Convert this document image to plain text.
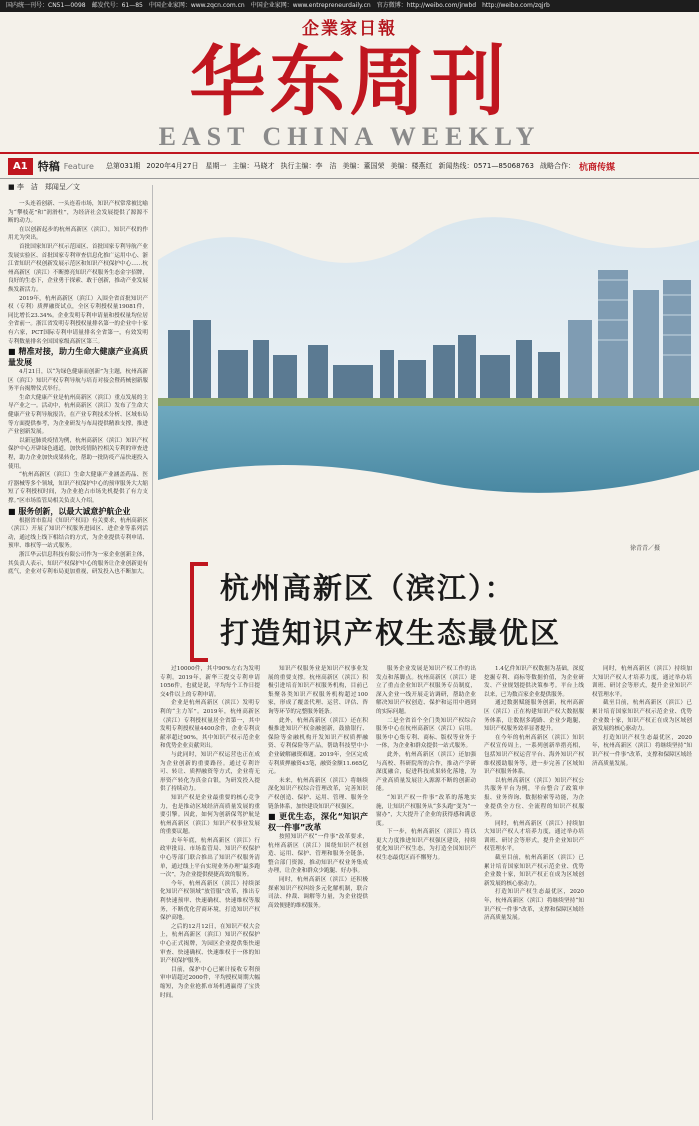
国内统一刊号：CN51—0098　邮发代号：61—85　中国企业家网：www.zqcn.com.cn　中国企业家网：www.entrepreneurdaily.cn　官方微博：http://weibo.com/jrwbd　http://weibo.com/zqjrb
企業家日報
华东周刊
EAST CHINA WEEKLY
A1 特稿 Feature 总第031期 2020年4月27日　星期一 主编：马晓才 执行主编：李　洁 美编：董国荣 美编：楼燕红 新闻热线：0571—85068763 战略合作： 杭商传媒
■ 李　洁　郑闻呈／文
徐青青／摄

一头连着创新、一头连着市场，知识产权常常被比喻为“攀枝花”和“润滑柱”，为经济社会发展提供了源源不断的动力。

在以创新起步的杭州高新区（滨江），知识产权的作用尤为突出。

首批国家知识产权示范园区、首批国家专利导航产业发展实验区、首批国家专利审查信息化推广运用中心、浙江省知识产权创新发展示范区和知识产权保护中心……杭州高新区（滨江）不断擦亮知识产权服务生态金字招牌，良好的生态下，企业勇于探索、敢于创新，推动产业发展焕发新活力。

2019年，杭州高新区（滨江）入围全省首批知识产权（专利）质押融资试点，全区专利授权量19081件，同比增长23.34%。企业发明专利申请量和授权量均位居全省前一。浙江省发明专利授权量排名第一的企业中十家有六家，PCT国际专利申请量排名全省第一，有效发明专利数量排名全国国家级高新区第三。

■ 精准对接，助力生命大健康产业高质量发展

4月21日，以“为绿色健康而创新”为主题，杭州高新区（滨江）知识产权专利导航与培育对接会暨药械创新服务平台揭牌仪式举行。

生命大健康产业是杭州高新区（滨江）重点发展的主导产业之一。活动中，杭州高新区（滨江）发布了生命大健康产业专利导航报告，在产业专利技术分析、区域布局等方面提供参考，为企业研发与布局提供精准支撑，推进产业创新发展。

以新冠肺炎疫情为例，杭州高新区（滨江）知识产权保护中心开辟绿色通道，加快疫情防控相关专利的审查进程，助力企业加快成果转化，帮助一批防疫产品快速投入使用。

“杭州高新区（滨江）生命大健康产业涵盖药品、医疗器械等多个领域，知识产权保护中心的预审服务大大缩短了专利授权时间，为企业抢占市场先机提供了有力支撑。”区市场监管局相关负责人介绍。

■ 服务创新，以最大诚意护航企业

根据省市监局《知识产权局》有关要求，杭州高新区（滨江）开展了知识产权服务进园区、进企业等系列活动，通过线上线下相结合的方式，为企业提供专利申请、预审、维权等一站式服务。

浙江华云信息科技有限公司作为一家企业创新主体，其负责人表示，知识产权保护中心的服务让企业创新更有底气，企业对专利布局更加重视，研发投入也不断加大。 杭州高新区（滨江）：
打造知识产权生态最优区

过10000件，其中90%左右为发明专利。2019年，新华三提交专利申请1056件，也就是说，平均每个工作日提交4件以上的专利申请。

企业是杭州高新区（滨江）发明专利的“主力军”。2019年，杭州高新区（滨江）专利授权量居全省第一，其中发明专利授权量4400余件，企业专利贡献率超过90%，其中知识产权示范企业和优势企业贡献突出。

与此同时，知识产权运营也正在成为企业创新的重要路径。通过专利许可、转让、质押融资等方式，企业将无形资产转化为真金白银，为研发投入提供了持续动力。

知识产权是企业最重要的核心竞争力，也是推动区域经济高质量发展的重要引擎。因此，如何为创新保驾护航是杭州高新区（滨江）知识产权事业发展的重要议题。

去年年底，杭州高新区（滨江）行政审批局、市场监管局、知识产权保护中心等部门联合推出了知识产权服务清单，通过线上平台实现业务办理“最多跑一次”，为企业提供便捷高效的服务。

今年，杭州高新区（滨江）持续深化知识产权领域“放管服”改革，推出专利快速预审、快速确权、快速维权等服务，不断优化营商环境，打造知识产权保护高地。

之后的12月12日，在知识产权大会上，杭州高新区（滨江）知识产权保护中心正式揭牌，为园区企业提供集快速审查、快速确权、快速维权于一体的知识产权保护服务。

目前，保护中心已累计接收专利预审申请超过2000件，平均授权周期大幅缩短，为企业抢抓市场机遇赢得了宝贵时间。

知识产权服务业是知识产权事业发展的重要支撑。杭州高新区（滨江）积极引进培育知识产权服务机构，目前已集聚各类知识产权服务机构超过100家，形成了覆盖代理、运营、评估、咨询等环节的完整服务链条。

此外，杭州高新区（滨江）还在积极推进知识产权金融创新，鼓励银行、保险等金融机构开发知识产权质押融资、专利保险等产品，帮助科技型中小企业破解融资难题。2019年，全区完成专利质押融资43笔，融资金额11.665亿元。

未来，杭州高新区（滨江）将继续深化知识产权综合管理改革，完善知识产权创造、保护、运用、管理、服务全链条体系，加快建设知识产权强区。

■ 更优生态，深化“知识产权一件事”改革

按照知识产权“一件事”改革要求，杭州高新区（滨江）围绕知识产权创造、运用、保护、管理和服务全链条，整合部门资源，推动知识产权业务集成办理，让企业和群众少跑腿、好办事。

同时，杭州高新区（滨江）还积极探索知识产权纠纷多元化解机制，联合司法、仲裁、调解等力量，为企业提供高效便捷的维权服务。

服务企业发展是知识产权工作的出发点和落脚点。杭州高新区（滨江）建立了重点企业知识产权服务专员制度，深入企业一线开展走访调研，帮助企业解决知识产权创造、保护和运用中遇到的实际问题。

二是全省首个全门类知识产权综合服务中心在杭州高新区（滨江）启用。服务中心集专利、商标、版权等业务于一体，为企业和群众提供一站式服务。

此外，杭州高新区（滨江）还加强与高校、科研院所的合作，推动产学研深度融合，促进科技成果转化落地，为产业高质量发展注入源源不断的创新动能。

“知识产权一件事”改革的落地实施，让知识产权服务从“多头跑”变为“一窗办”，大大提升了企业的获得感和满意度。

下一步，杭州高新区（滨江）将以更大力度推进知识产权强区建设，持续优化知识产权生态，为打造全国知识产权生态最优区而不懈努力。

1.4亿件知识产权数据为基础，深度挖掘专利、商标等数据价值，为企业研发、产业规划提供决策参考。平台上线以来，已为数百家企业提供服务。

通过数据赋能服务创新，杭州高新区（滨江）正在构建知识产权大数据服务体系，让数据多跑路、企业少跑腿，知识产权服务效率显著提升。

在今年的杭州高新区（滨江）知识产权宣传周上，一系列创新举措亮相，包括知识产权运营平台、海外知识产权维权援助服务等，进一步完善了区域知识产权服务体系。

以杭州高新区（滨江）知识产权公共服务平台为例，平台整合了政策申报、业务咨询、数据检索等功能，为企业提供全方位、全流程的知识产权服务。

同时，杭州高新区（滨江）持续加大知识产权人才培养力度，通过举办培训班、研讨会等形式，提升企业知识产权管理水平。

截至目前，杭州高新区（滨江）已累计培育国家知识产权示范企业、优势企业数十家，知识产权正在成为区域创新发展的核心驱动力。

打造知识产权生态最优区，2020年，杭州高新区（滨江）将继续坚持“知识产权一件事”改革，支撑和保障区域经济高质量发展。

同时，杭州高新区（滨江）持续加大知识产权人才培养力度，通过举办培训班、研讨会等形式，提升企业知识产权管理水平。

截至目前，杭州高新区（滨江）已累计培育国家知识产权示范企业、优势企业数十家，知识产权正在成为区域创新发展的核心驱动力。

打造知识产权生态最优区，2020年，杭州高新区（滨江）将继续坚持“知识产权一件事”改革，支撑和保障区域经济高质量发展。
